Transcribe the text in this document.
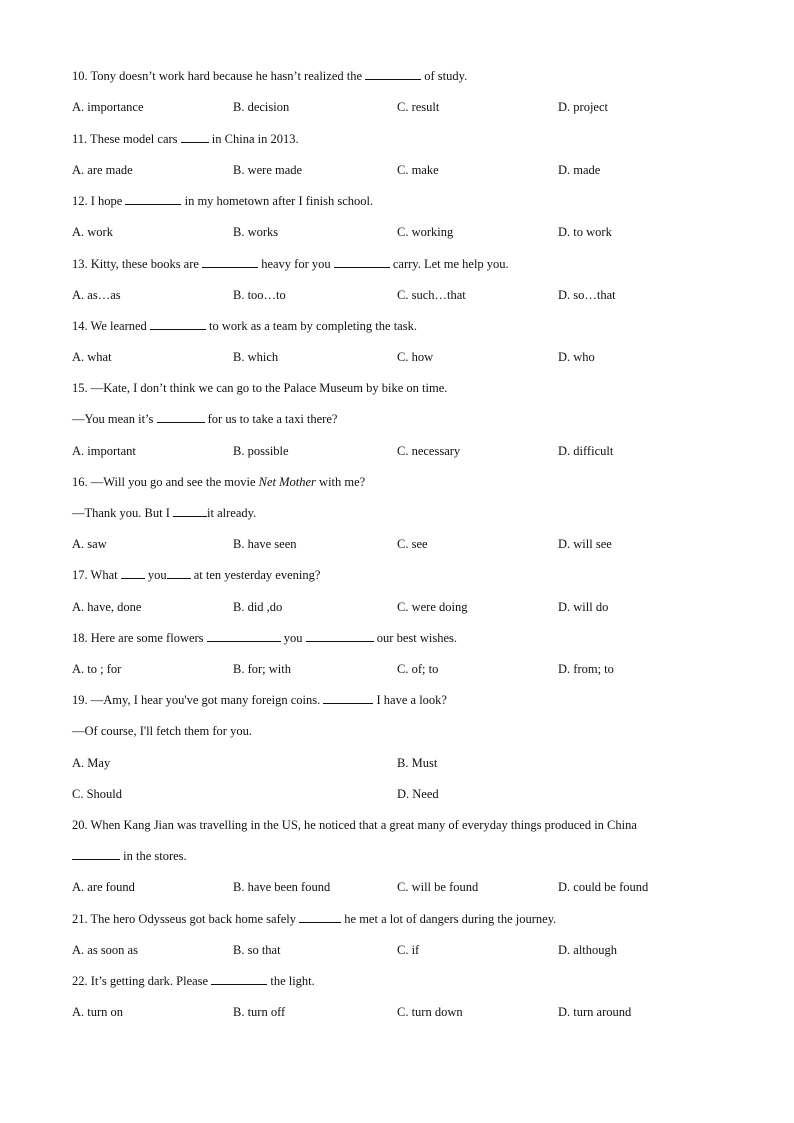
10. Tony doesn’t work hard because he hasn’t realized the	of study.
A. importance	B. decision	C. result	D. project
11. These model cars  in China in 2013.
A. are made	B. were made	C. make	D. made
12. I hope	in my hometown after I finish school.
A. work	B. works	C. working	D. to work
13. Kitty, these books are	heavy for you	carry. Let me help you.
A. as…as	B. too…to	C. such…that	D. so…that
14. We learned	to work as a team by completing the task.
A. what	B. which	C. how	D. who
15. —Kate, I don’t think we can go to the Palace Museum by bike on time.
—You mean it’s	for us to take a taxi there?
A. important	B. possible	C. necessary	D. difficult
16. —Will you go and see the movie Net Mother with me?
—Thank you. But I	it already.
A. saw	B. have seen	C. see	D. will see
17. What  you at ten yesterday evening?
A. have, done	B. did ,do	C. were doing	D. will do
18. Here are some flowers	you	our best wishes.
A. to ; for	B. for; with	C. of; to	D. from; to
19. —Amy, I hear you've got many foreign coins.	I have a look?
—Of course, I'll fetch them for you.
A. May	B. Must
C. Should	D. Need
20. When Kang Jian was travelling in the US, he noticed that a great many of everyday things produced in China
in the stores.
A. are found	B. have been found	C. will be found	D. could be found
21. The hero Odysseus got back home safely	he met a lot of dangers during the journey.
A. as soon as	B. so that	C. if	D. although
22. It’s getting dark. Please	the light.
A. turn on	B. turn off	C. turn down	D. turn around
